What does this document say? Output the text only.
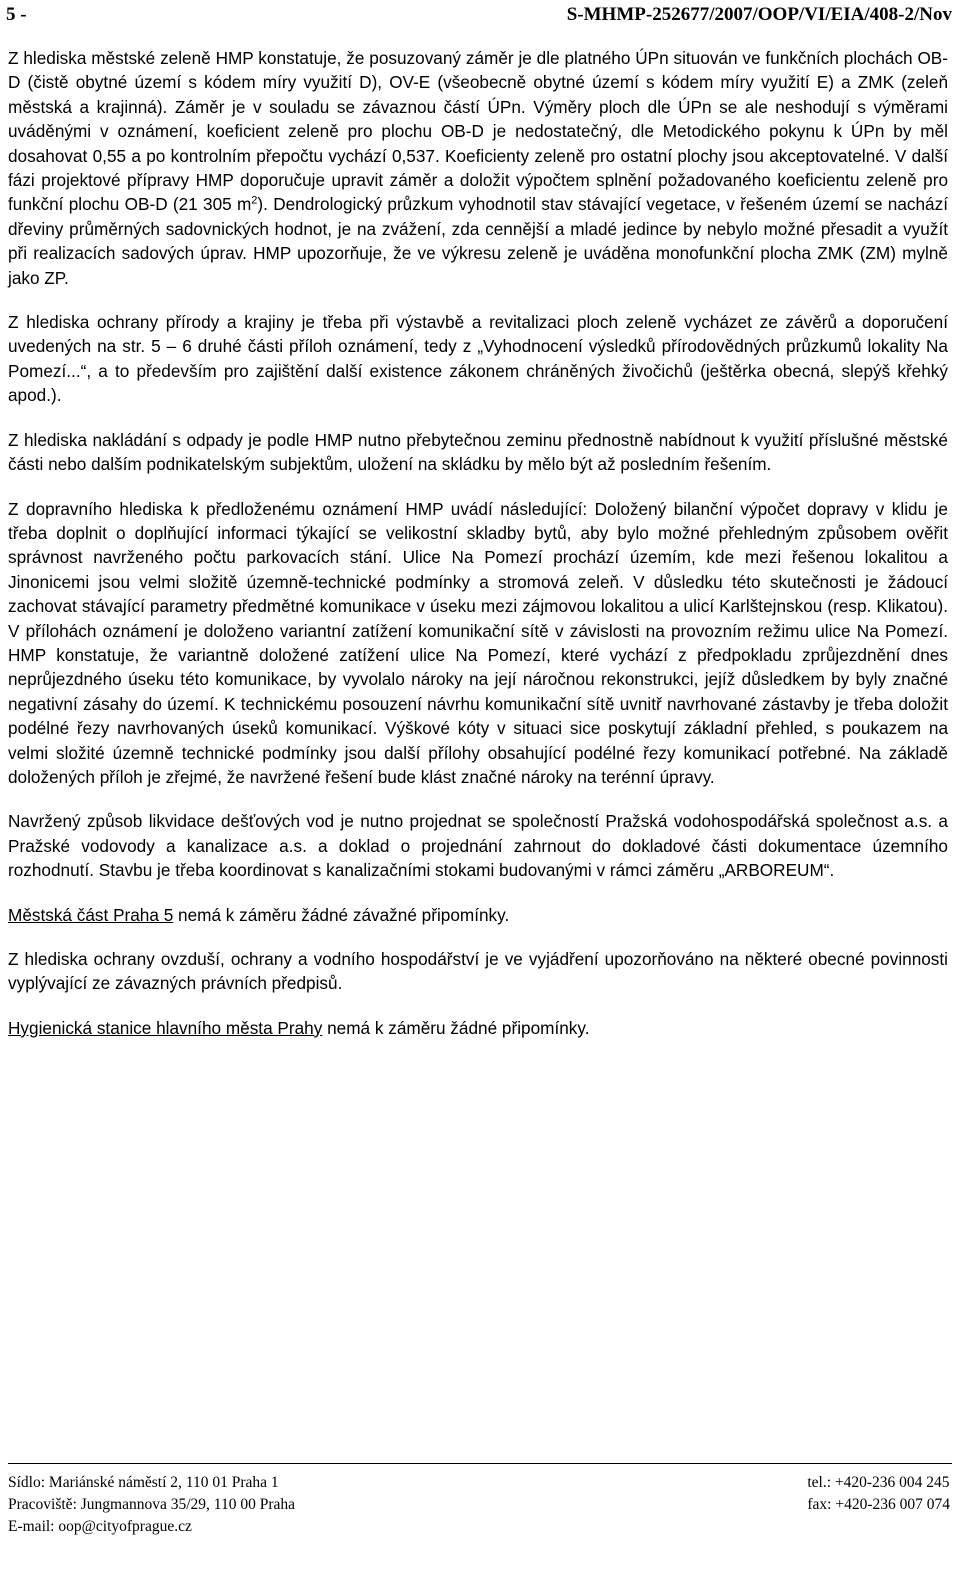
5 -	S-MHMP-252677/2007/OOP/VI/EIA/408-2/Nov

Z hlediska městské zeleně HMP konstatuje, že posuzovaný záměr je dle platného ÚPn situován ve funkčních plochách OB-D (čistě obytné území s kódem míry využití D), OV-E (všeobecně obytné území s kódem míry využití E) a ZMK (zeleň městská a krajinná). Záměr je v souladu se závaznou částí ÚPn. Výměry ploch dle ÚPn se ale neshodují s výměrami uváděnými v oznámení, koeficient zeleně pro plochu OB-D je nedostatečný, dle Metodického pokynu k ÚPn by měl dosahovat 0,55 a po kontrolním přepočtu vychází 0,537. Koeficienty zeleně pro ostatní plochy jsou akceptovatelné. V další fázi projektové přípravy HMP doporučuje upravit záměr a doložit výpočtem splnění požadovaného koeficientu zeleně pro funkční plochu OB-D (21 305 $m^2$). Dendrologický průzkum vyhodnotil stav stávající vegetace, v řešeném území se nachází dřeviny průměrných sadovnických hodnot, je na zvážení, zda cennější a mladé jedince by nebylo možné přesadit a využít při realizacích sadových úprav. HMP upozorňuje, že ve výkresu zeleně je uváděna monofunkční plocha ZMK (ZM) mylně jako ZP.

Z hlediska ochrany přírody a krajiny je třeba při výstavbě a revitalizaci ploch zeleně vycházet ze závěrů a doporučení uvedených na str. 5 – 6 druhé části příloh oznámení, tedy z „Vyhodnocení výsledků přírodovědných průzkumů lokality Na Pomezí...“, a to především pro zajištění další existence zákonem chráněných živočichů (ještěrka obecná, slepýš křehký apod.).

Z hlediska nakládání s odpady je podle HMP nutno přebytečnou zeminu přednostně nabídnout k využití příslušné městské části nebo dalším podnikatelským subjektům, uložení na skládku by mělo být až posledním řešením.

Z dopravního hlediska k předloženému oznámení HMP uvádí následující: Doložený bilanční výpočet dopravy v klidu je třeba doplnit o doplňující informaci týkající se velikostní skladby bytů, aby bylo možné přehledným způsobem ověřit správnost navrženého počtu parkovacích stání. Ulice Na Pomezí prochází územím, kde mezi řešenou lokalitou a Jinonicemi jsou velmi složitě územně-technické podmínky a stromová zeleň. V důsledku této skutečnosti je žádoucí zachovat stávající parametry předmětné komunikace v úseku mezi zájmovou lokalitou a ulicí Karlštejnskou (resp. Klikatou). V přílohách oznámení je doloženo variantní zatížení komunikační sítě v závislosti na provozním režimu ulice Na Pomezí. HMP konstatuje, že variantně doložené zatížení ulice Na Pomezí, které vychází z předpokladu zprůjezdnění dnes neprůjezdného úseku této komunikace, by vyvolalo nároky na její náročnou rekonstrukci, jejíž důsledkem by byly značné negativní zásahy do území. K technickému posouzení návrhu komunikační sítě uvnitř navrhované zástavby je třeba doložit podélné řezy navrhovaných úseků komunikací. Výškové kóty v situaci sice poskytují základní přehled, s poukazem na velmi složité územně technické podmínky jsou další přílohy obsahující podélné řezy komunikací potřebné. Na základě doložených příloh je zřejmé, že navržené řešení bude klást značné nároky na terénní úpravy.

Navržený způsob likvidace dešťových vod je nutno projednat se společností Pražská vodohospodářská společnost a.s. a Pražské vodovody a kanalizace a.s. a doklad o projednání zahrnout do dokladové části dokumentace územního rozhodnutí. Stavbu je třeba koordinovat s kanalizačními stokami budovanými v rámci záměru „ARBOREUM“.

Městská část Praha 5 nemá k záměru žádné závažné připomínky.

Z hlediska ochrany ovzduší, ochrany a vodního hospodářství je ve vyjádření upozorňováno na některé obecné povinnosti vyplývající ze závazných právních předpisů.

Hygienická stanice hlavního města Prahy nemá k záměru žádné připomínky.

Sídlo: Mariánské náměstí 2, 110 01 Praha 1
Pracoviště: Jungmannova 35/29, 110 00 Praha
E-mail: oop@cityofprague.cz
tel.: +420-236 004 245
fax: +420-236 007 074
